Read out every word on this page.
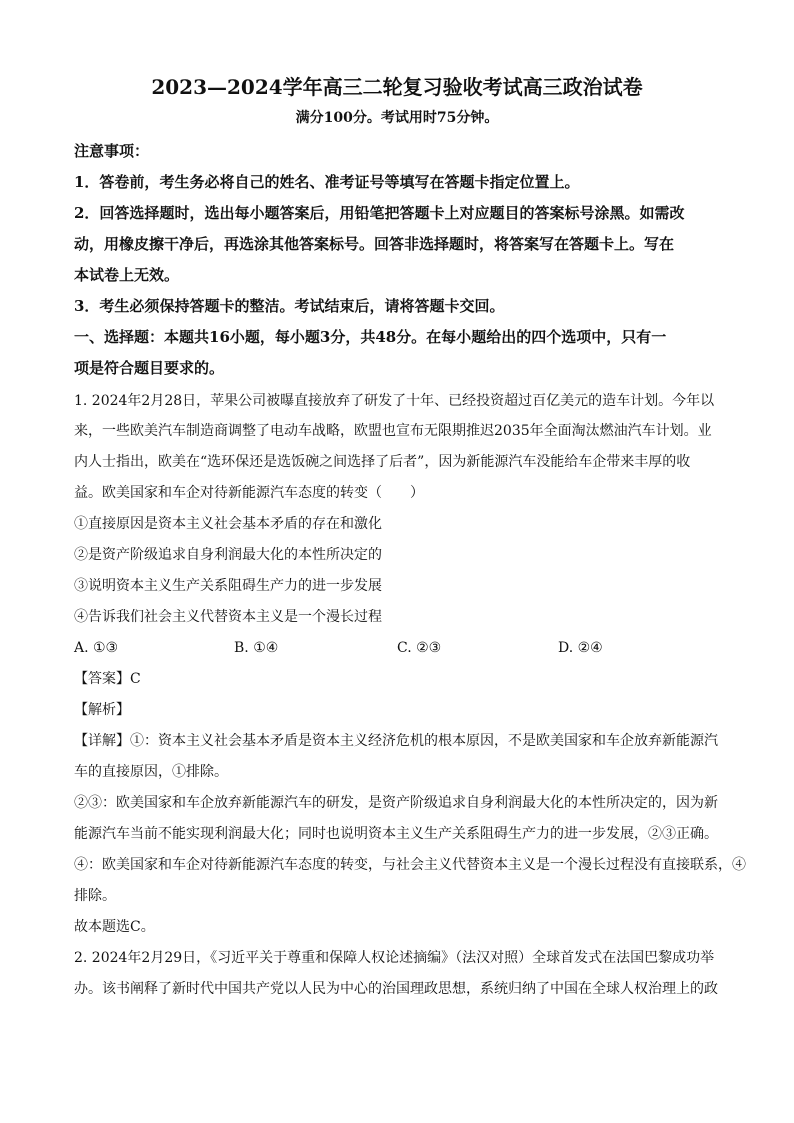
2023—2024学年高三二轮复习验收考试高三政治试卷
满分100分。考试用时75分钟。
注意事项：
1．答卷前，考生务必将自己的姓名、准考证号等填写在答题卡指定位置上。
2．回答选择题时，选出每小题答案后，用铅笔把答题卡上对应题目的答案标号涂黑。如需改
动，用橡皮擦干净后，再选涂其他答案标号。回答非选择题时，将答案写在答题卡上。写在
本试卷上无效。
3．考生必须保持答题卡的整洁。考试结束后，请将答题卡交回。
一、选择题：本题共16小题，每小题3分，共48分。在每小题给出的四个选项中，只有一
项是符合题目要求的。
1. 2024年2月28日，苹果公司被曝直接放弃了研发了十年、已经投资超过百亿美元的造车计划。今年以
来，一些欧美汽车制造商调整了电动车战略，欧盟也宣布无限期推迟2035年全面淘汰燃油汽车计划。业
内人士指出，欧美在“选环保还是选饭碗之间选择了后者”，因为新能源汽车没能给车企带来丰厚的收
益。欧美国家和车企对待新能源汽车态度的转变（　　）
①直接原因是资本主义社会基本矛盾的存在和激化
②是资产阶级追求自身利润最大化的本性所决定的
③说明资本主义生产关系阻碍生产力的进一步发展
④告诉我们社会主义代替资本主义是一个漫长过程
A. ①③	B. ①④	C. ②③	D. ②④
【答案】C
【解析】
【详解】①：资本主义社会基本矛盾是资本主义经济危机的根本原因，不是欧美国家和车企放弃新能源汽
车的直接原因，①排除。
②③：欧美国家和车企放弃新能源汽车的研发，是资产阶级追求自身利润最大化的本性所决定的，因为新
能源汽车当前不能实现利润最大化；同时也说明资本主义生产关系阻碍生产力的进一步发展，②③正确。
④：欧美国家和车企对待新能源汽车态度的转变，与社会主义代替资本主义是一个漫长过程没有直接联系，④
排除。
故本题选C。
2. 2024年2月29日，《习近平关于尊重和保障人权论述摘编》（法汉对照）全球首发式在法国巴黎成功举
办。该书阐释了新时代中国共产党以人民为中心的治国理政思想，系统归纳了中国在全球人权治理上的政
